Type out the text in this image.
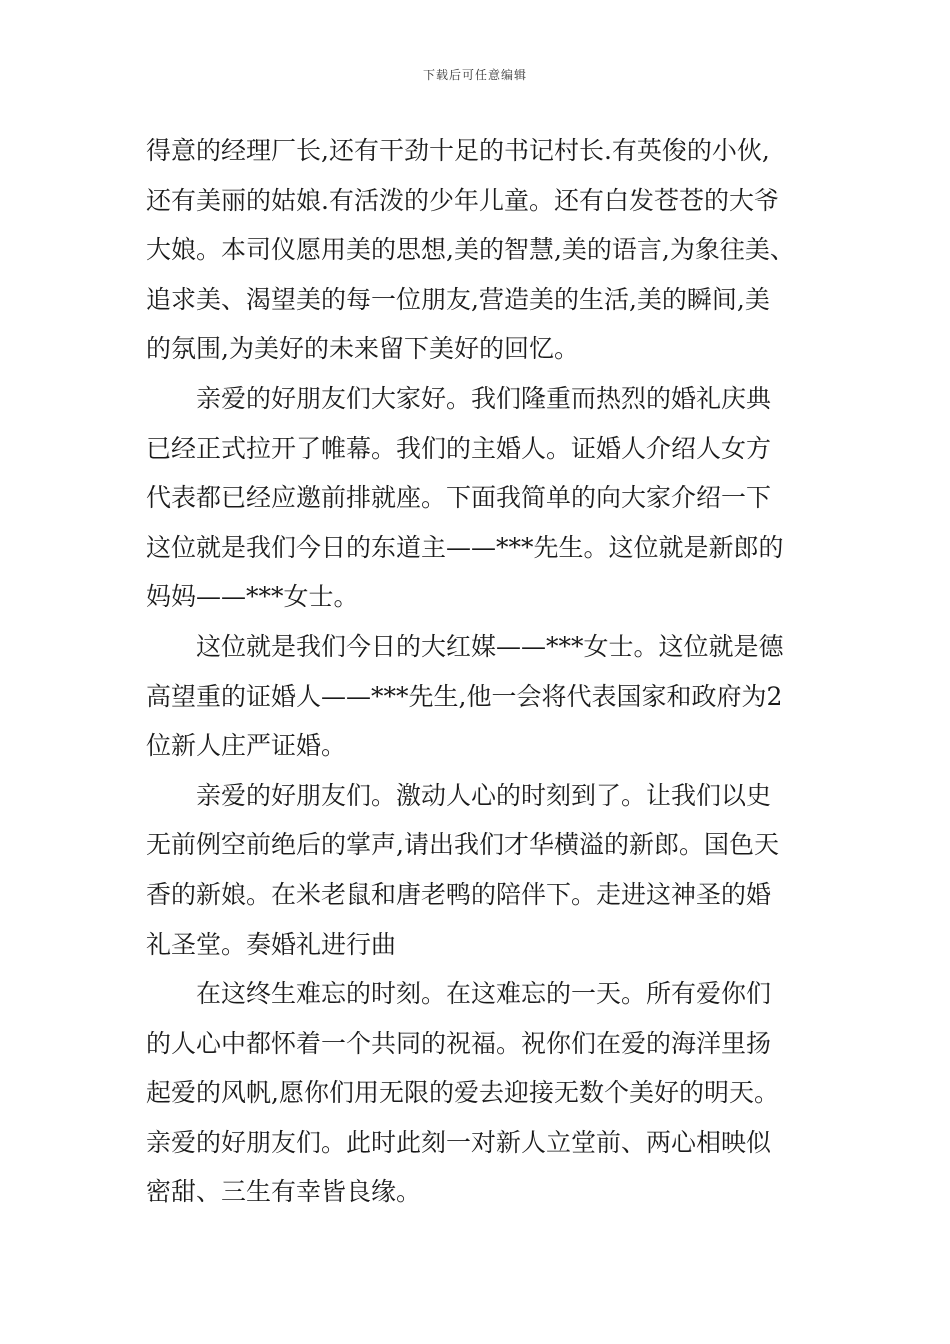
下载后可任意编辑

得意的经理厂长,还有干劲十足的书记村长.有英俊的小伙,
还有美丽的姑娘.有活泼的少年儿童。还有白发苍苍的大爷
大娘。本司仪愿用美的思想,美的智慧,美的语言,为象往美、
追求美、渴望美的每一位朋友,营造美的生活,美的瞬间,美
的氛围,为美好的未来留下美好的回忆。

亲爱的好朋友们大家好。我们隆重而热烈的婚礼庆典
已经正式拉开了帷幕。我们的主婚人。证婚人介绍人女方
代表都已经应邀前排就座。下面我简单的向大家介绍一下
这位就是我们今日的东道主——***先生。这位就是新郎的
妈妈——***女士。

这位就是我们今日的大红媒——***女士。这位就是德
高望重的证婚人——***先生,他一会将代表国家和政府为2
位新人庄严证婚。

亲爱的好朋友们。激动人心的时刻到了。让我们以史
无前例空前绝后的掌声,请出我们才华横溢的新郎。国色天
香的新娘。在米老鼠和唐老鸭的陪伴下。走进这神圣的婚
礼圣堂。奏婚礼进行曲

在这终生难忘的时刻。在这难忘的一天。所有爱你们
的人心中都怀着一个共同的祝福。祝你们在爱的海洋里扬
起爱的风帆,愿你们用无限的爱去迎接无数个美好的明天。
亲爱的好朋友们。此时此刻一对新人立堂前、两心相映似
密甜、三生有幸皆良缘。
